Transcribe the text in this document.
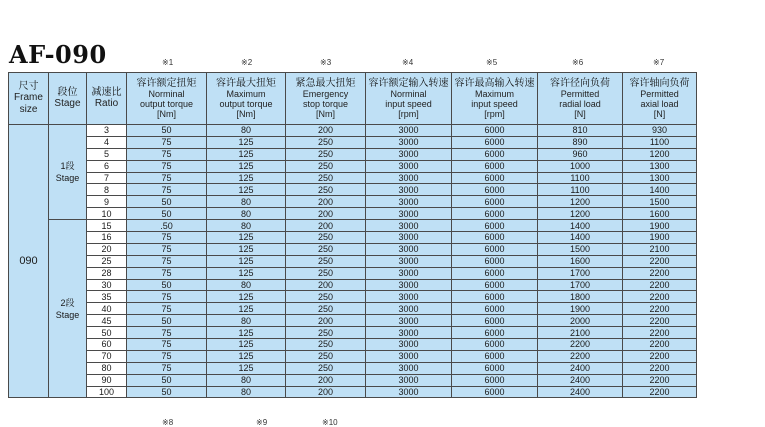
AF-090	※1	※2	※3	※4	※5	※6	※7
尺寸
Frame
size	段位
Stage	减速比
Ratio	容许额定扭矩
Norminal
output torque
[Nm]	容许最大扭矩
Maximum
output torque
[Nm]	紧急最大扭矩
Emergency
stop torque
[Nm]	容许额定输入转速
Norminal
input speed
[rpm]	容许最高输入转速
Maximum
input speed
[rpm]	容许径向负荷
Permitted
radial load
[N]	容许轴向负荷
Permitted
axial load
[N]

090	1段
Stage	3	50	80	200	3000	6000	810	930
		4	75	125	250	3000	6000	890	1100
		5	75	125	250	3000	6000	960	1200
		6	75	125	250	3000	6000	1000	1300
		7	75	125	250	3000	6000	1100	1300
		8	75	125	250	3000	6000	1100	1400
		9	50	80	200	3000	6000	1200	1500
		10	50	80	200	3000	6000	1200	1600

	2段
Stage	15	.50	80	200	3000	6000	1400	1900
		16	75	125	250	3000	6000	1400	1900
		20	75	125	250	3000	6000	1500	2100
		25	75	125	250	3000	6000	1600	2200
		28	75	125	250	3000	6000	1700	2200
		30	50	80	200	3000	6000	1700	2200
		35	75	125	250	3000	6000	1800	2200
		40	75	125	250	3000	6000	1900	2200
		45	50	80	200	3000	6000	2000	2200
		50	75	125	250	3000	6000	2100	2200
		60	75	125	250	3000	6000	2200	2200
		70	75	125	250	3000	6000	2200	2200
		80	75	125	250	3000	6000	2400	2200
		90	50	80	200	3000	6000	2400	2200
		100	50	80	200	3000	6000	2400	2200
※8	※9	※10
